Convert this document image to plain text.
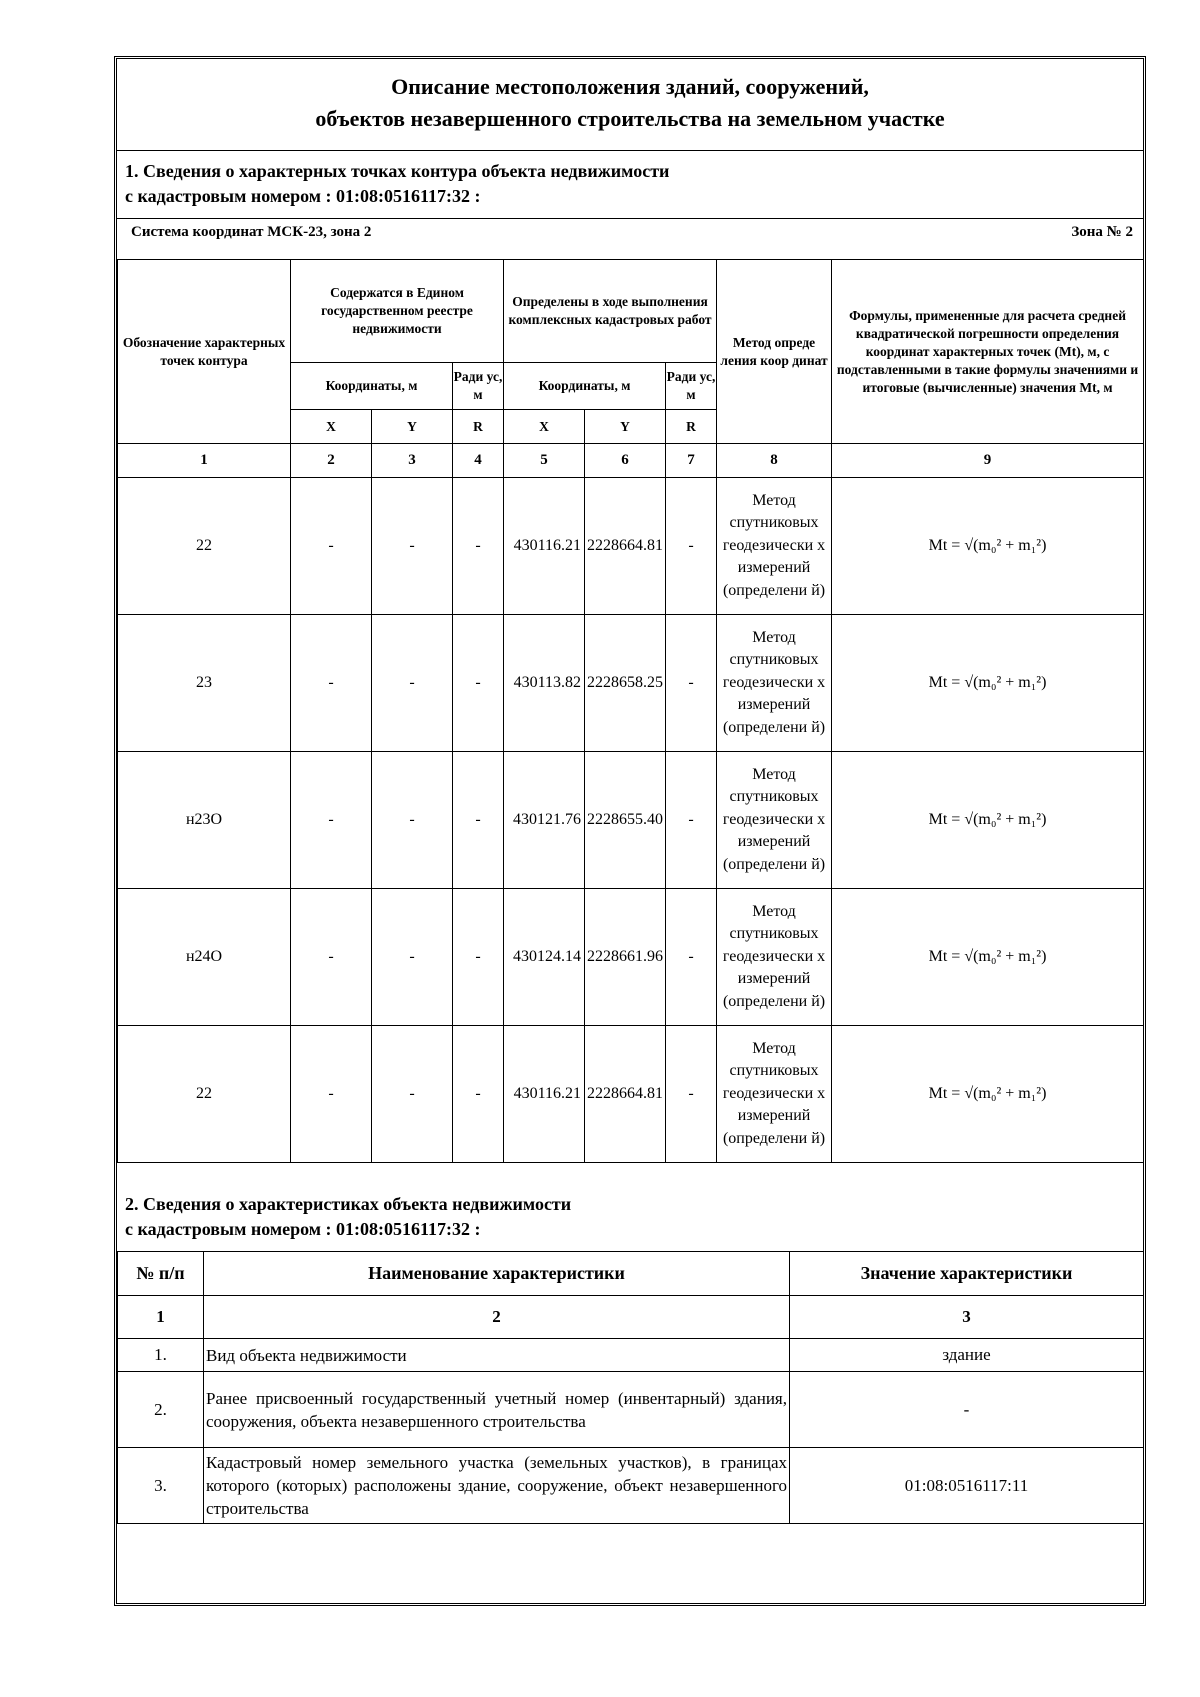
Описание местоположения зданий, сооружений,
объектов незавершенного строительства на земельном участке
1. Сведения о характерных точках контура объекта недвижимости
с кадастровым номером : 01:08:0516117:32 :
Система координат МСК-23, зона 2	Зона № 2
Обозначение характерных точек контура	Содержатся в Едином государственном реестре недвижимости			Определены в ходе выполнения комплексных кадастровых работ			Метод опреде ления коор динат	Формулы, примененные для расчета средней квадратической погрешности определения координат характерных точек (Mt), м, с подставленными в такие формулы значениями и итоговые (вычисленные) значения Mt, м
	Координаты, м		Ради ус, м	Координаты, м		Ради ус, м		
	X	Y	R	X	Y	R		
1	2	3	4	5	6	7	8	9
22	-	-	-	430116.21	2228664.81	-	Метод спутниковых геодезически х измерений (определени й)	Mt = √(m₀² + m₁²)
23	-	-	-	430113.82	2228658.25	-	Метод спутниковых геодезически х измерений (определени й)	Mt = √(m₀² + m₁²)
н23О	-	-	-	430121.76	2228655.40	-	Метод спутниковых геодезически х измерений (определени й)	Mt = √(m₀² + m₁²)
н24О	-	-	-	430124.14	2228661.96	-	Метод спутниковых геодезически х измерений (определени й)	Mt = √(m₀² + m₁²)
22	-	-	-	430116.21	2228664.81	-	Метод спутниковых геодезически х измерений (определени й)	Mt = √(m₀² + m₁²)
2. Сведения о характеристиках объекта недвижимости
с кадастровым номером : 01:08:0516117:32 :
№ п/п	Наименование характеристики	Значение характеристики
1	2	3
1.	Вид объекта недвижимости	здание
2.	Ранее присвоенный государственный учетный номер (инвентарный) здания, сооружения, объекта незавершенного строительства	-
3.	Кадастровый номер земельного участка (земельных участков), в границах которого (которых) расположены здание, сооружение, объект незавершенного строительства	01:08:0516117:11
